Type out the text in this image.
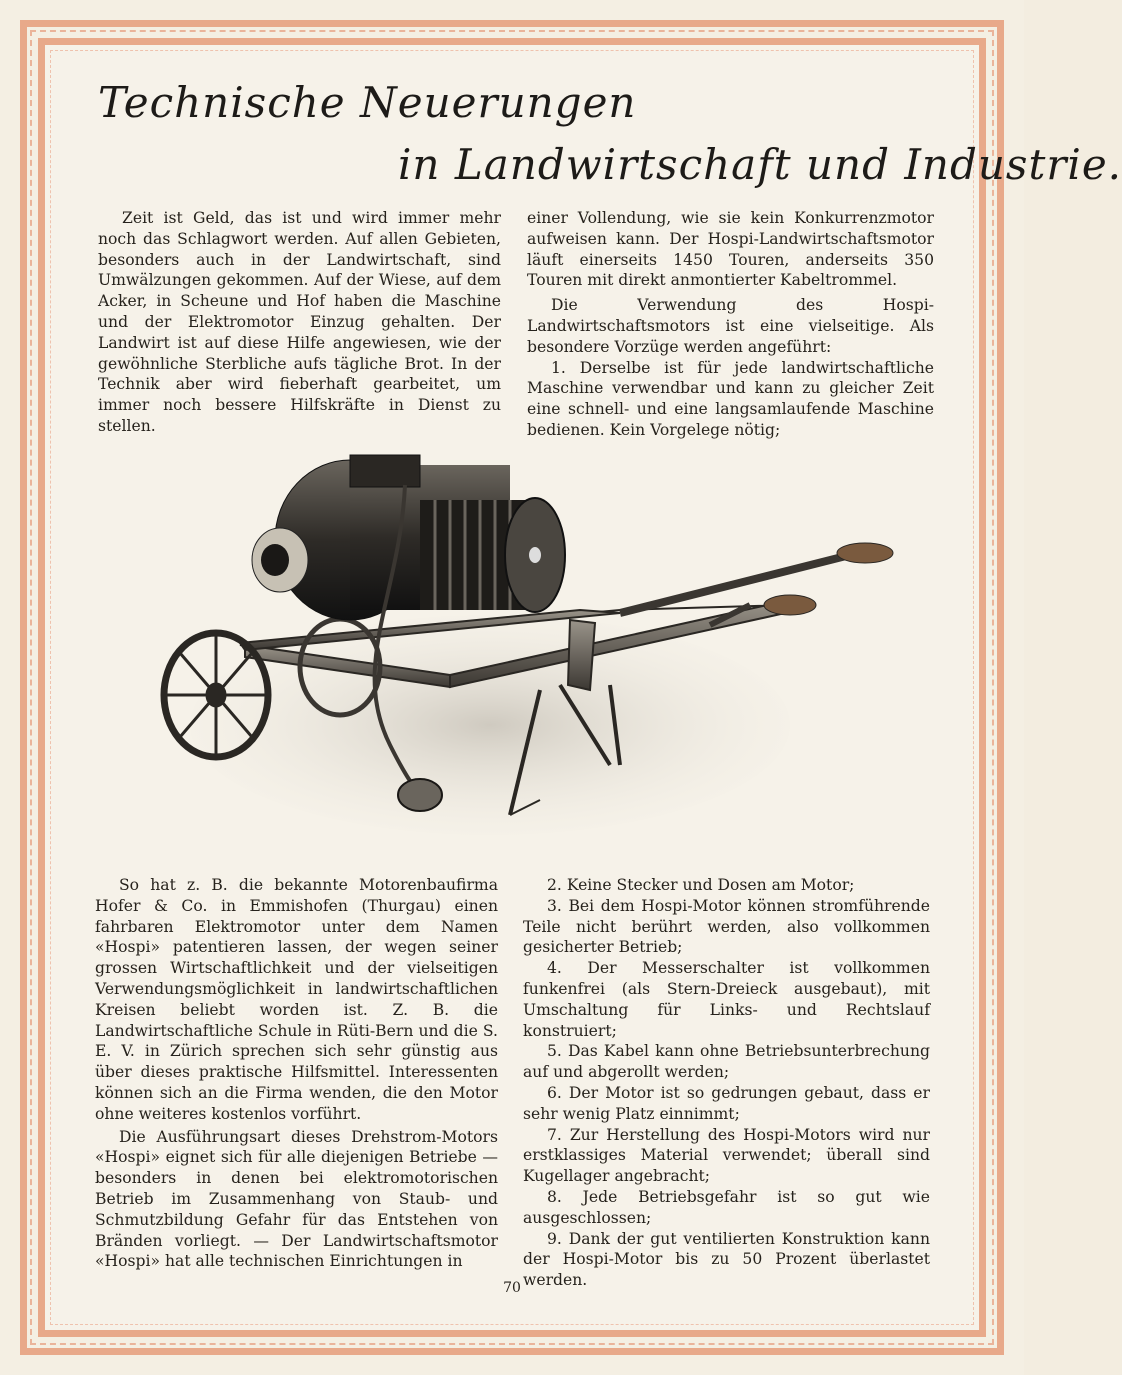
Technische Neuerungen
in Landwirtschaft und Industrie.

Zeit ist Geld, das ist und wird immer mehr noch das Schlagwort werden. Auf allen Gebieten, besonders auch in der Landwirtschaft, sind Umwälzungen gekommen. Auf der Wiese, auf dem Acker, in Scheune und Hof haben die Maschine und der Elektromotor Einzug gehalten. Der Landwirt ist auf diese Hilfe angewiesen, wie der gewöhnliche Sterbliche aufs tägliche Brot. In der Technik aber wird fieberhaft gearbeitet, um immer noch bessere Hilfskräfte in Dienst zu stellen.

einer Vollendung, wie sie kein Konkurrenzmotor aufweisen kann. Der Hospi-Landwirtschaftsmotor läuft einerseits 1450 Touren, anderseits 350 Touren mit direkt anmontierter Kabeltrommel.

Die Verwendung des Hospi-Landwirtschaftsmotors ist eine vielseitige. Als besondere Vorzüge werden angeführt:

1. Derselbe ist für jede landwirtschaftliche Maschine verwendbar und kann zu gleicher Zeit eine schnell- und eine langsamlaufende Maschine bedienen. Kein Vorgelege nötig;

So hat z. B. die bekannte Motorenbaufirma Hofer & Co. in Emmishofen (Thurgau) einen fahrbaren Elektromotor unter dem Namen «Hospi» patentieren lassen, der wegen seiner grossen Wirtschaftlichkeit und der vielseitigen Verwendungsmöglichkeit in landwirtschaftlichen Kreisen beliebt worden ist. Z. B. die Landwirtschaftliche Schule in Rüti-Bern und die S. E. V. in Zürich sprechen sich sehr günstig aus über dieses praktische Hilfsmittel. Interessenten können sich an die Firma wenden, die den Motor ohne weiteres kostenlos vorführt.

Die Ausführungsart dieses Drehstrom-Motors «Hospi» eignet sich für alle diejenigen Betriebe — besonders in denen bei elektromotorischen Betrieb im Zusammenhang von Staub- und Schmutzbildung Gefahr für das Entstehen von Bränden vorliegt. — Der Landwirtschaftsmotor «Hospi» hat alle technischen Einrichtungen in

2. Keine Stecker und Dosen am Motor;

3. Bei dem Hospi-Motor können stromführende Teile nicht berührt werden, also vollkommen gesicherter Betrieb;

4. Der Messerschalter ist vollkommen funkenfrei (als Stern-Dreieck ausgebaut), mit Umschaltung für Links- und Rechtslauf konstruiert;

5. Das Kabel kann ohne Betriebsunterbrechung auf und abgerollt werden;

6. Der Motor ist so gedrungen gebaut, dass er sehr wenig Platz einnimmt;

7. Zur Herstellung des Hospi-Motors wird nur erstklassiges Material verwendet; überall sind Kugellager angebracht;

8. Jede Betriebsgefahr ist so gut wie ausgeschlossen;

9. Dank der gut ventilierten Konstruktion kann der Hospi-Motor bis zu 50 Prozent überlastet werden.

70
